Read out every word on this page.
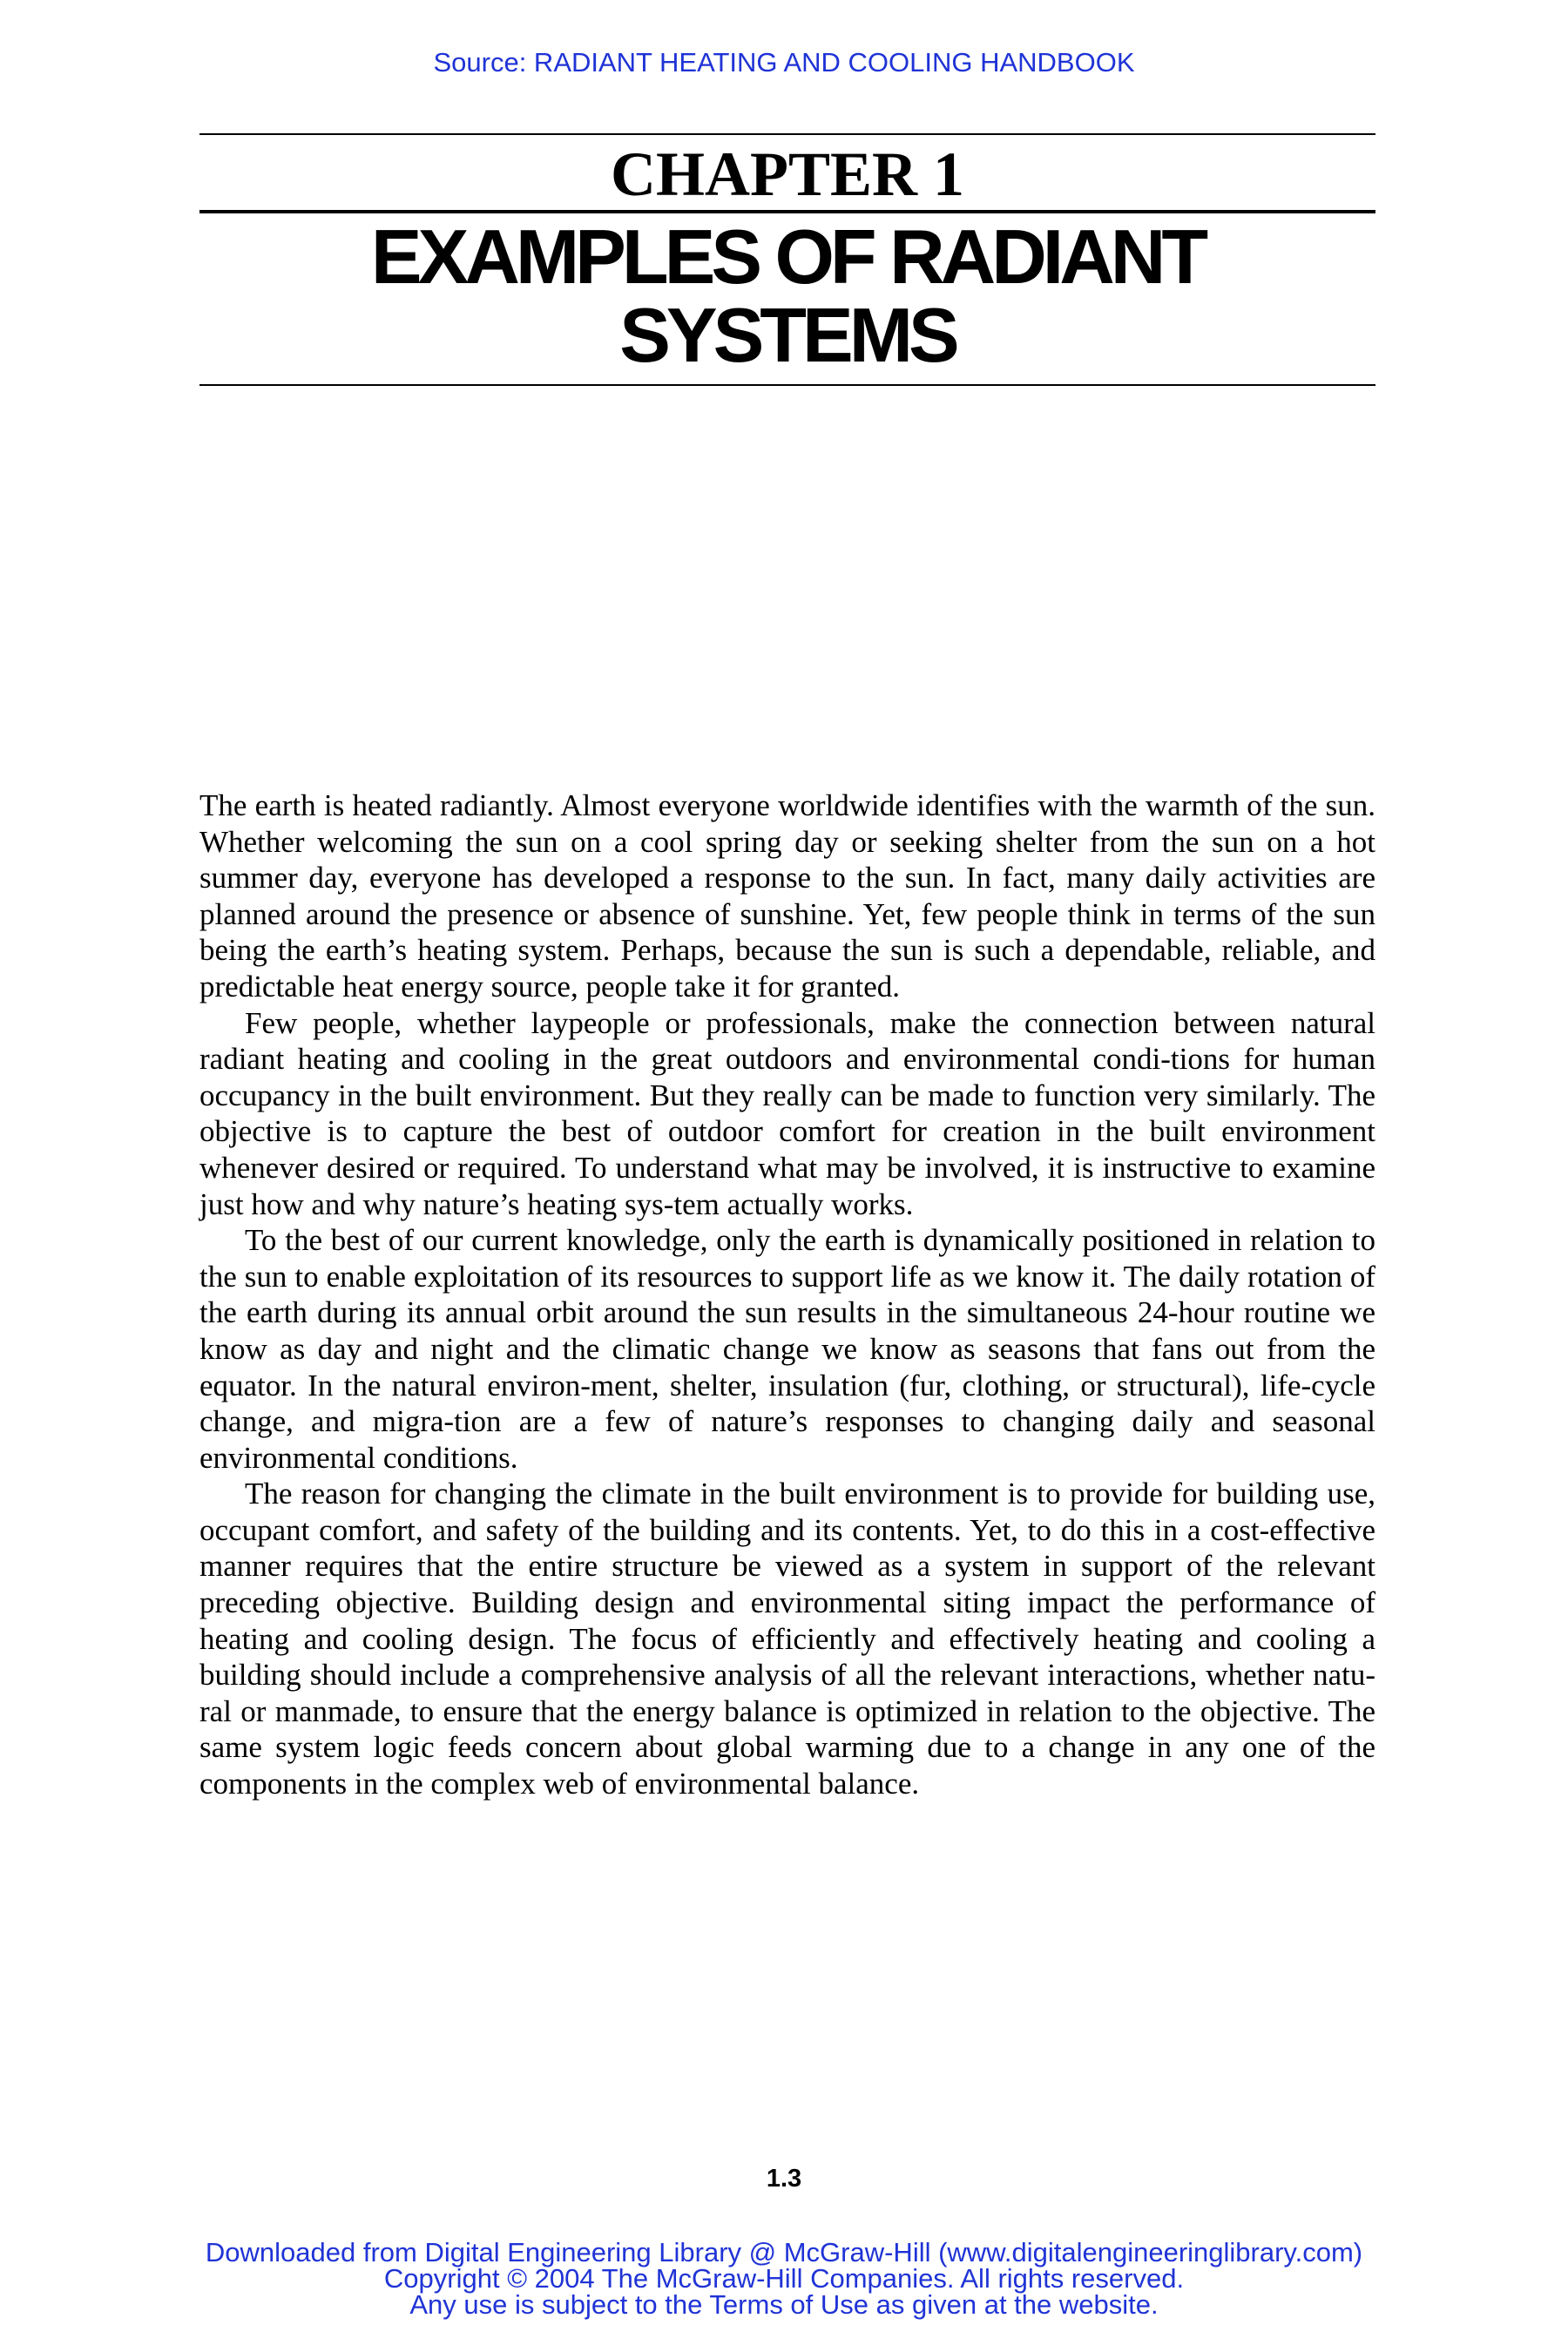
Source: RADIANT HEATING AND COOLING HANDBOOK
CHAPTER 1
EXAMPLES OF RADIANT
SYSTEMS

The earth is heated radiantly. Almost everyone worldwide identifies with the warmth of the sun. Whether welcoming the sun on a cool spring day or seeking shelter from the sun on a hot summer day, everyone has developed a response to the sun. In fact, many daily activities are planned around the presence or absence of sunshine. Yet, few people think in terms of the sun being the earth’s heating system. Perhaps, because the sun is such a dependable, reliable, and predictable heat energy source, people take it for granted.

Few people, whether laypeople or professionals, make the connection between natural radiant heating and cooling in the great outdoors and environmental condi-tions for human occupancy in the built environment. But they really can be made to function very similarly. The objective is to capture the best of outdoor comfort for creation in the built environment whenever desired or required. To understand what may be involved, it is instructive to examine just how and why nature’s heating sys-tem actually works.

To the best of our current knowledge, only the earth is dynamically positioned in relation to the sun to enable exploitation of its resources to support life as we know it. The daily rotation of the earth during its annual orbit around the sun results in the simultaneous 24-hour routine we know as day and night and the climatic change we know as seasons that fans out from the equator. In the natural environ-ment, shelter, insulation (fur, clothing, or structural), life-cycle change, and migra-tion are a few of nature’s responses to changing daily and seasonal environmental conditions.

The reason for changing the climate in the built environment is to provide for building use, occupant comfort, and safety of the building and its contents. Yet, to do this in a cost-effective manner requires that the entire structure be viewed as a system in support of the relevant preceding objective. Building design and environmental siting impact the performance of heating and cooling design. The focus of efficiently and effectively heating and cooling a building should include a comprehensive analysis of all the relevant interactions, whether natu-ral or manmade, to ensure that the energy balance is optimized in relation to the objective. The same system logic feeds concern about global warming due to a change in any one of the components in the complex web of environmental balance.

1.3
Downloaded from Digital Engineering Library @ McGraw-Hill (www.digitalengineeringlibrary.com)
Copyright © 2004 The McGraw-Hill Companies. All rights reserved.
Any use is subject to the Terms of Use as given at the website.
